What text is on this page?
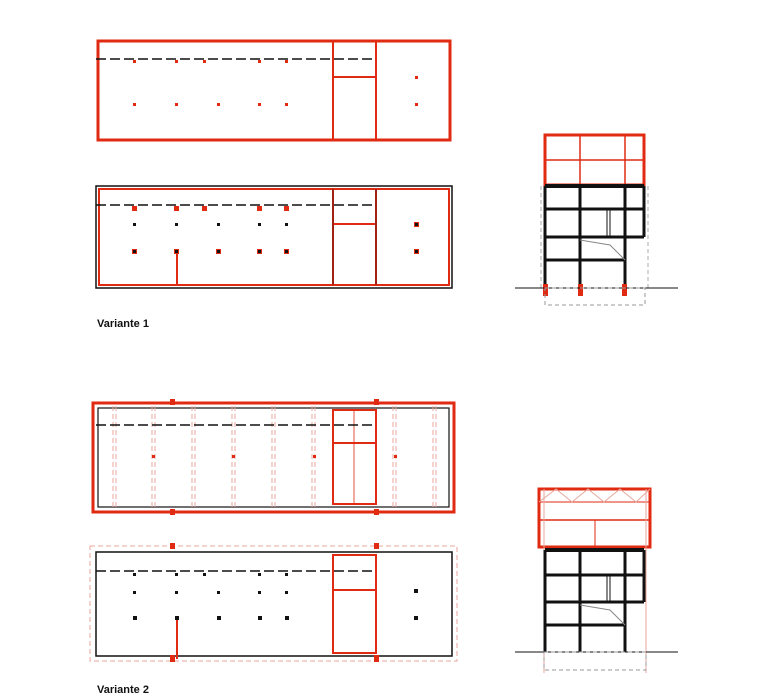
Variante 1
Variante 2
